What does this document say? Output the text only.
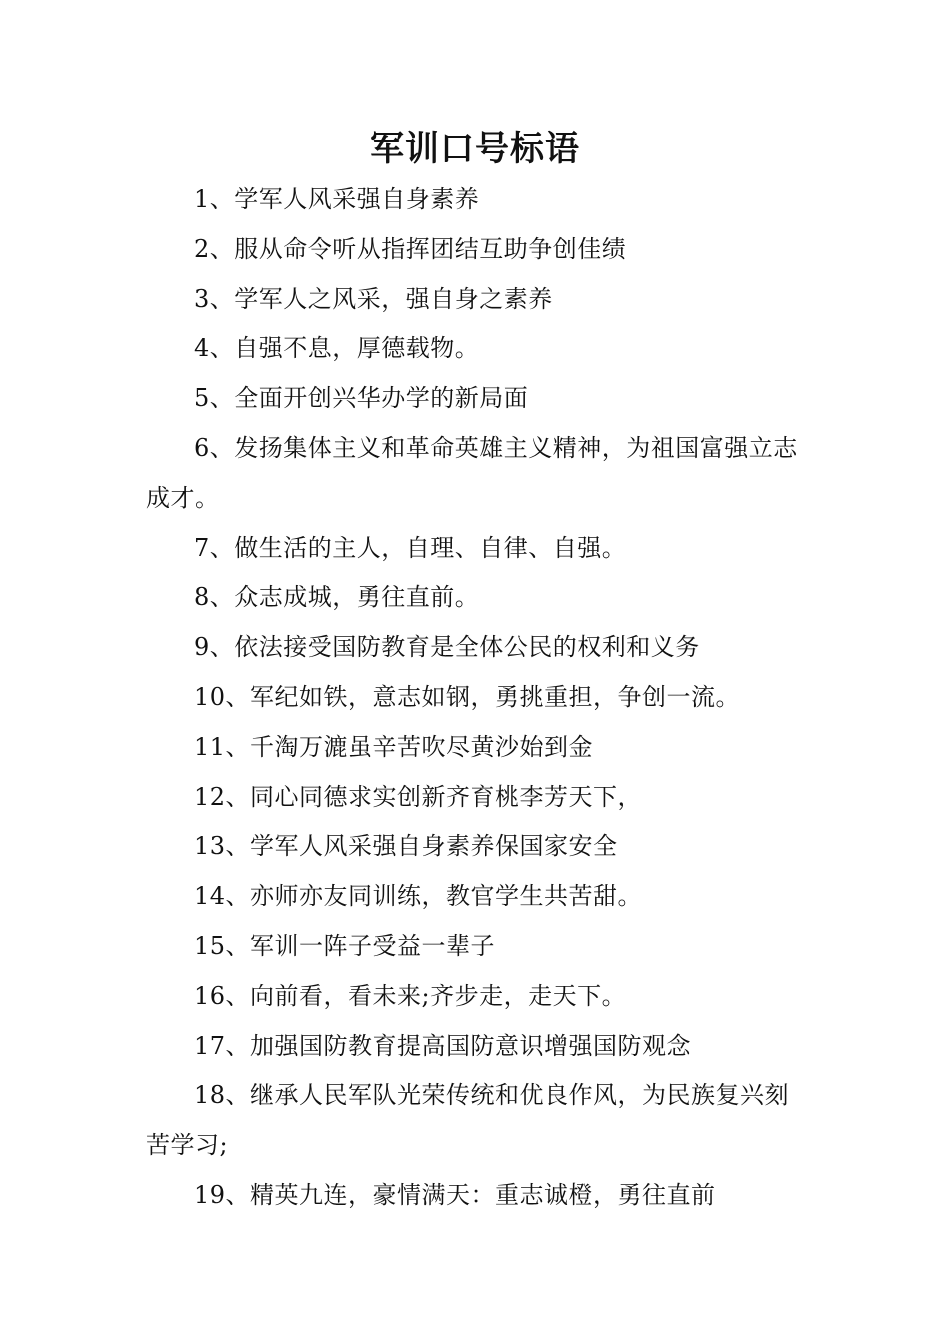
军训口号标语

1、学军人风采强自身素养

2、服从命令听从指挥团结互助争创佳绩

3、学军人之风采，强自身之素养

4、自强不息，厚德载物。

5、全面开创兴华办学的新局面

6、发扬集体主义和革命英雄主义精神，为祖国富强立志成才。

7、做生活的主人，自理、自律、自强。

8、众志成城，勇往直前。

9、依法接受国防教育是全体公民的权利和义务

10、军纪如铁，意志如钢，勇挑重担，争创一流。

11、千淘万漉虽辛苦吹尽黄沙始到金

12、同心同德求实创新齐育桃李芳天下，

13、学军人风采强自身素养保国家安全

14、亦师亦友同训练，教官学生共苦甜。

15、军训一阵子受益一辈子

16、向前看，看未来;齐步走，走天下。

17、加强国防教育提高国防意识增强国防观念

18、继承人民军队光荣传统和优良作风，为民族复兴刻苦学习;

19、精英九连，豪情满天：重志诚橙，勇往直前
